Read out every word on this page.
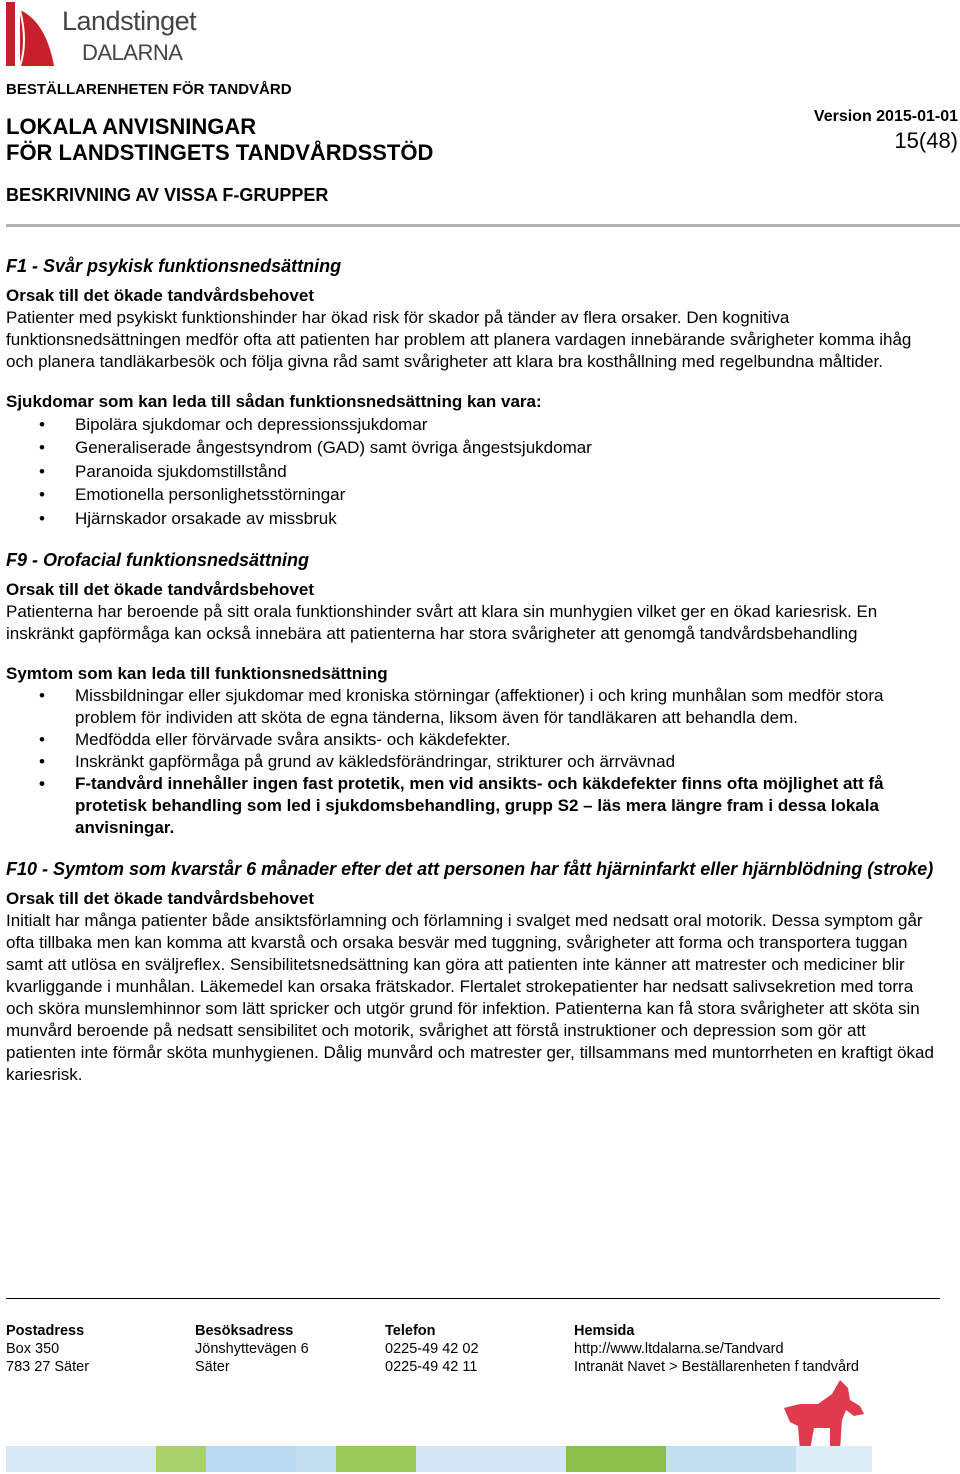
Landstinget
DALARNA
BESTÄLLARENHETEN FÖR TANDVÅRD
LOKALA ANVISNINGAR
FÖR LANDSTINGETS TANDVÅRDSSTÖD
Version 2015-01-01
15(48)
BESKRIVNING AV VISSA F-GRUPPER
F1 - Svår psykisk funktionsnedsättning
Orsak till det ökade tandvårdsbehovet

Patienter med psykiskt funktionshinder har ökad risk för skador på tänder av flera orsaker. Den kognitiva funktionsnedsättningen medför ofta att patienten har problem att planera vardagen innebärande svårigheter komma ihåg och planera tandläkarbesök och följa givna råd samt svårigheter att klara bra kosthållning med regelbundna måltider.

Sjukdomar som kan leda till sådan funktionsnedsättning kan vara:
• Bipolära sjukdomar och depressionssjukdomar
• Generaliserade ångestsyndrom (GAD) samt övriga ångestsjukdomar
• Paranoida sjukdomstillstånd
• Emotionella personlighetsstörningar
• Hjärnskador orsakade av missbruk
F9 - Orofacial funktionsnedsättning
Orsak till det ökade tandvårdsbehovet

Patienterna har beroende på sitt orala funktionshinder svårt att klara sin munhygien vilket ger en ökad kariesrisk. En inskränkt gapförmåga kan också innebära att patienterna har stora svårigheter att genomgå tandvårdsbehandling

Symtom som kan leda till funktionsnedsättning
• Missbildningar eller sjukdomar med kroniska störningar (affektioner) i och kring munhålan som medför stora problem för individen att sköta de egna tänderna, liksom även för tandläkaren att behandla dem.
• Medfödda eller förvärvade svåra ansikts- och käkdefekter.
• Inskränkt gapförmåga på grund av käkledsförändringar, strikturer och ärrvävnad
• F-tandvård innehåller ingen fast protetik, men vid ansikts- och käkdefekter finns ofta möjlighet att få protetisk behandling som led i sjukdomsbehandling, grupp S2 – läs mera längre fram i dessa lokala anvisningar.
F10 - Symtom som kvarstår 6 månader efter det att personen har fått hjärninfarkt eller hjärnblödning (stroke)
Orsak till det ökade tandvårdsbehovet

Initialt har många patienter både ansiktsförlamning och förlamning i svalget med nedsatt oral motorik. Dessa symptom går ofta tillbaka men kan komma att kvarstå och orsaka besvär med tuggning, svårigheter att forma och transportera tuggan samt att utlösa en sväljreflex. Sensibilitetsnedsättning kan göra att patienten inte känner att matrester och mediciner blir kvarliggande i munhålan. Läkemedel kan orsaka frätskador. Flertalet strokepatienter har nedsatt salivsekretion med torra och sköra munslemhinnor som lätt spricker och utgör grund för infektion. Patienterna kan få stora svårigheter att sköta sin munvård beroende på nedsatt sensibilitet och motorik, svårighet att förstå instruktioner och depression som gör att patienten inte förmår sköta munhygienen. Dålig munvård och matrester ger, tillsammans med muntorrheten en kraftigt ökad kariesrisk.

Postadress
Box 350
783 27 Säter
Besöksadress
Jönshyttevägen 6
Säter
Telefon
0225-49 42 02
0225-49 42 11
Hemsida
http://www.ltdalarna.se/Tandvard
Intranät Navet > Beställarenheten f tandvård
